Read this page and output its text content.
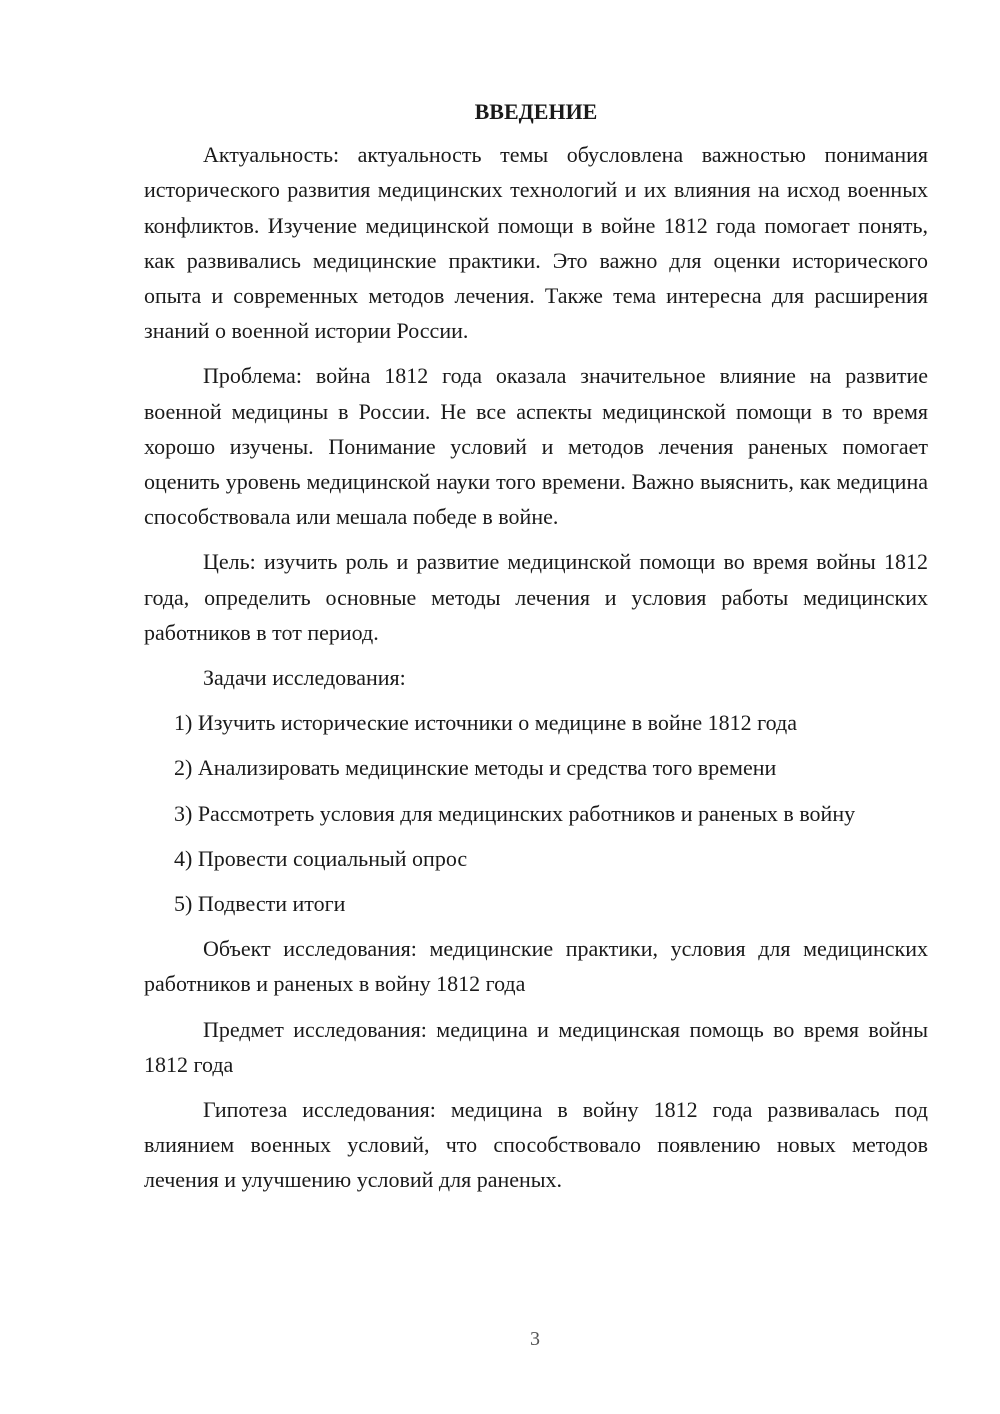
ВВЕДЕНИЕ

Актуальность: актуальность темы обусловлена важностью понимания исторического развития медицинских технологий и их влияния на исход военных конфликтов. Изучение медицинской помощи в войне 1812 года помогает понять, как развивались медицинские практики. Это важно для оценки исторического опыта и современных методов лечения. Также тема интересна для расширения знаний о военной истории России.

Проблема: война 1812 года оказала значительное влияние на развитие военной медицины в России. Не все аспекты медицинской помощи в то время хорошо изучены. Понимание условий и методов лечения раненых помогает оценить уровень медицинской науки того времени. Важно выяснить, как медицина способствовала или мешала победе в войне.

Цель: изучить роль и развитие медицинской помощи во время войны 1812 года, определить основные методы лечения и условия работы медицинских работников в тот период.

Задачи исследования:

1) Изучить исторические источники о медицине в войне 1812 года

2) Анализировать медицинские методы и средства того времени

3) Рассмотреть условия для медицинских работников и раненых в войну

4) Провести социальный опрос

5) Подвести итоги

Объект исследования: медицинские практики, условия для медицинских работников и раненых в войну 1812 года

Предмет исследования: медицина и медицинская помощь во время войны 1812 года

Гипотеза исследования: медицина в войну 1812 года развивалась под влиянием военных условий, что способствовало появлению новых методов лечения и улучшению условий для раненых.

3
